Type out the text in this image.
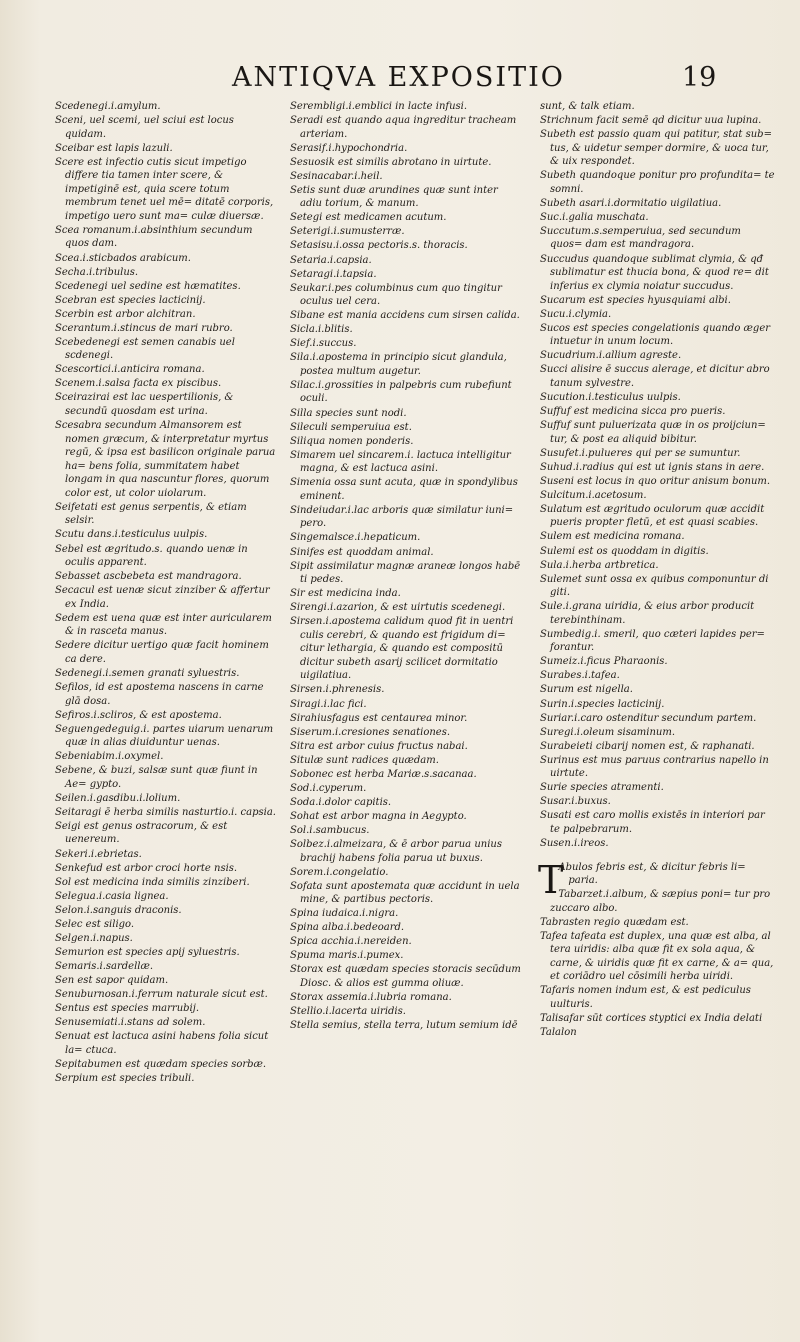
ANTIQVA EXPOSITIO	19
Scedenegi.i.amylum.
Sceni, uel scemi, uel sciui est locus quidam.
Sceibar est lapis lazuli.
Scere est infectio cutis sicut impetigo differe tia tamen inter scere, & impetiginē est, quia scere totum membrum tenet uel mē= ditatē corporis, impetigo uero sunt ma= culæ diuersæ.
Scea romanum.i.absinthium secundum quos dam.
Scea.i.sticbados arabicum.
Secha.i.tribulus.
Scedenegi uel sedine est hæmatites.
Scebran est species lacticinij.
Scerbin est arbor alchitran.
Scerantum.i.stincus de mari rubro.
Scebedenegi est semen canabis uel scdenegi.
Scescortici.i.anticira romana.
Scenem.i.salsa facta ex piscibus.
Sceirazirai est lac uespertilionis, & secundū quosdam est urina.
Scesabra secundum Almansorem est nomen græcum, & interpretatur myrtus regū, & ipsa est basilicon originale parua ha= bens folia, summitatem habet longam in qua nascuntur flores, quorum color est, ut color uiolarum.
Seifetati est genus serpentis, & etiam selsir.
Scutu dans.i.testiculus uulpis.
Sebel est ægritudo.s. quando uenæ in oculis apparent.
Sebasset ascbebeta est mandragora.
Secacul est uenæ sicut zinziber & affertur ex India.
Sedem est uena quæ est inter auricularem & in rasceta manus.
Sedere dicitur uertigo quæ facit hominem ca dere.
Sedenegi.i.semen granati syluestris.
Sefilos, id est apostema nascens in carne glā dosa.
Sefiros.i.scliros, & est apostema.
Seguengedeguig.i. partes uiarum uenarum quæ in alias diuiduntur uenas.
Sebeniabim.i.oxymel.
Sebene, & buzi, salsæ sunt quæ fiunt in Ae= gypto.
Seilen.i.gasdibu.i.lolium.
Seitaragi ē herba similis nasturtio.i. capsia.
Seigi est genus ostracorum, & est uenereum.
Sekeri.i.ebrietas.
Senkefud est arbor croci horte nsis.
Sol est medicina inda similis zinziberi.
Selegua.i.casia lignea.
Selon.i.sanguis draconis.
Selec est siligo.
Selgen.i.napus.
Semurion est species apij syluestris.
Semaris.i.sardellæ.
Sen est sapor quidam.
Senuburnosan.i.ferrum naturale sicut est.
Sentus est species marrubij.
Senusemiati.i.stans ad solem.
Senuat est lactuca asini habens folia sicut la= ctuca.
Sepitabumen est quædam species sorbæ.
Serpium est species tribuli.
Serembligi.i.emblici in lacte infusi.
Seradi est quando aqua ingreditur tracheam arteriam.
Serasif.i.hypochondria.
Sesuosik est similis abrotano in uirtute.
Sesinacabar.i.heil.
Setis sunt duæ arundines quæ sunt inter adiu torium, & manum.
Setegi est medicamen acutum.
Seterigi.i.sumusterræ.
Setasisu.i.ossa pectoris.s. thoracis.
Setaria.i.capsia.
Setaragi.i.tapsia.
Seukar.i.pes columbinus cum quo tingitur oculus uel cera.
Sibane est mania accidens cum sirsen calida.
Sicla.i.blitis.
Sief.i.succus.
Sila.i.apostema in principio sicut glandula, postea multum augetur.
Silac.i.grossities in palpebris cum rubefiunt oculi.
Silla species sunt nodi.
Sileculi semperuiua est.
Siliqua nomen ponderis.
Simarem uel sincarem.i. lactuca intelligitur magna, & est lactuca asini.
Simenia ossa sunt acuta, quæ in spondylibus eminent.
Sindeiudar.i.lac arboris quæ similatur iuni= pero.
Singemalsce.i.hepaticum.
Sinifes est quoddam animal.
Sipit assimilatur magnæ araneæ longos habē ti pedes.
Sir est medicina inda.
Sirengi.i.azarion, & est uirtutis scedenegi.
Sirsen.i.apostema calidum quod fit in uentri culis cerebri, & quando est frigidum di= citur lethargia, & quando est compositū dicitur subeth asarij scilicet dormitatio uigilatiua.
Sirsen.i.phrenesis.
Siragi.i.lac fici.
Sirahiusfagus est centaurea minor.
Siserum.i.cresiones senationes.
Sitra est arbor cuius fructus nabai.
Situlæ sunt radices quædam.
Sobonec est herba Mariæ.s.sacanaa.
Sod.i.cyperum.
Soda.i.dolor capitis.
Sohat est arbor magna in Aegypto.
Sol.i.sambucus.
Solbez.i.almeizara, & ē arbor parua unius brachij habens folia parua ut buxus.
Sorem.i.congelatio.
Sofata sunt apostemata quæ accidunt in uela mine, & partibus pectoris.
Spina iudaica.i.nigra.
Spina alba.i.bedeoard.
Spica acchia.i.nereiden.
Spuma maris.i.pumex.
Storax est quædam species storacis secūdum Diosc. & alios est gumma oliuæ.
Storax assemia.i.lubria romana.
Stellio.i.lacerta uiridis.
Stella semius, stella terra, lutum semium idē
sunt, & talk etiam.
Strichnum facit semē qd dicitur uua lupina.
Subeth est passio quam qui patitur, stat sub= tus, & uidetur semper dormire, & uoca tur, & uix respondet.
Subeth quandoque ponitur pro profundita= te somni.
Subeth asari.i.dormitatio uigilatiua.
Suc.i.galia muschata.
Succutum.s.semperuiua, sed secundum quos= dam est mandragora.
Succudus quandoque sublimat clymia, & qđ sublimatur est thucia bona, & quod re= dit inferius ex clymia noiatur succudus.
Sucarum est species hyusquiami albi.
Sucu.i.clymia.
Sucos est species congelationis quando æger intuetur in unum locum.
Sucudrium.i.allium agreste.
Succi alisire ē succus alerage, et dicitur abro tanum sylvestre.
Sucution.i.testiculus uulpis.
Suffuf est medicina sicca pro pueris.
Suffuf sunt puluerizata quæ in os proijciun= tur, & post ea aliquid bibitur.
Susufet.i.pulueres qui per se sumuntur.
Suhud.i.radius qui est ut ignis stans in aere.
Suseni est locus in quo oritur anisum bonum.
Sulcitum.i.acetosum.
Sulatum est ægritudo oculorum quæ accidit pueris propter fletū, et est quasi scabies.
Sulem est medicina romana.
Sulemi est os quoddam in digitis.
Sula.i.herba artbretica.
Sulemet sunt ossa ex quibus componuntur di giti.
Sule.i.grana uiridia, & eius arbor producit terebinthinam.
Sumbedig.i. smeril, quo cæteri lapides per= forantur.
Sumeiz.i.ficus Pharaonis.
Surabes.i.tafea.
Surum est nigella.
Surin.i.species lacticinij.
Suriar.i.caro ostenditur secundum partem.
Suregi.i.oleum sisaminum.
Surabeieti cibarij nomen est, & raphanati.
Surinus est mus paruus contrarius napello in uirtute.
Surie species atramenti.
Susar.i.buxus.
Susati est caro mollis existēs in interiori par te palpebrarum.
Susen.i.ireos.
T
Abulos febris est, & dicitur febris li= paria.
Tabarzet.i.album, & sæpius poni= tur pro zuccaro albo.
Tabrasten regio quædam est.
Tafea tafeata est duplex, una quæ est alba, al tera uiridis: alba quæ fit ex sola aqua, & carne, & uiridis quæ fit ex carne, & a= qua, et coriādro uel cōsimili herba uiridi.
Tafaris nomen indum est, & est pediculus uulturis.
Talisafar sūt cortices styptici ex India delati
Talalon
